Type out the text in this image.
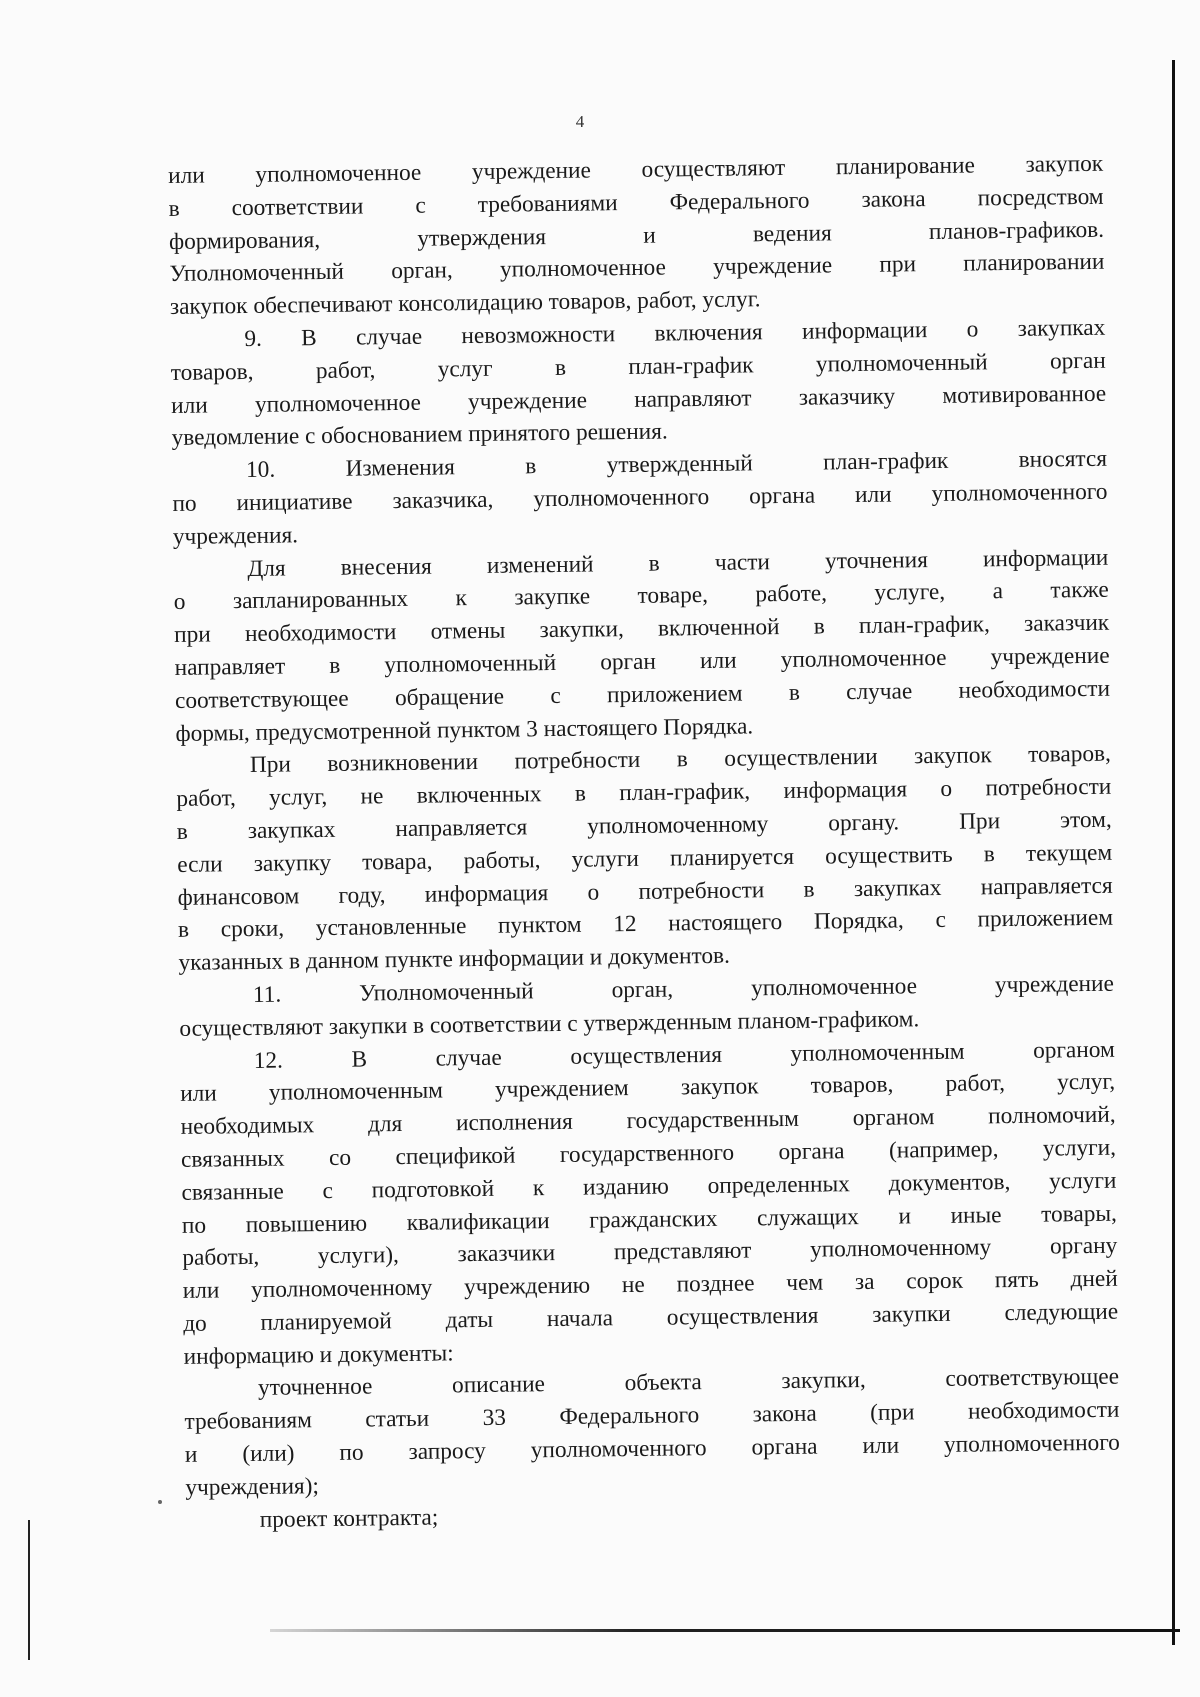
4
или уполномоченное учреждение осуществляют планирование закупок
в соответствии с требованиями Федерального закона посредством
формирования, утверждения и ведения планов-графиков.
Уполномоченный орган, уполномоченное учреждение при планировании
закупок обеспечивают консолидацию товаров, работ, услуг.
9. В случае невозможности включения информации о закупках
товаров, работ, услуг в план-график уполномоченный орган
или уполномоченное учреждение направляют заказчику мотивированное
уведомление с обоснованием принятого решения.
10. Изменения в утвержденный план-график вносятся
по инициативе заказчика, уполномоченного органа или уполномоченного
учреждения.
Для внесения изменений в части уточнения информации
о запланированных к закупке товаре, работе, услуге, а также
при необходимости отмены закупки, включенной в план-график, заказчик
направляет в уполномоченный орган или уполномоченное учреждение
соответствующее обращение с приложением в случае необходимости
формы, предусмотренной пунктом 3 настоящего Порядка.
При возникновении потребности в осуществлении закупок товаров,
работ, услуг, не включенных в план-график, информация о потребности
в закупках направляется уполномоченному органу. При этом,
если закупку товара, работы, услуги планируется осуществить в текущем
финансовом году, информация о потребности в закупках направляется
в сроки, установленные пунктом 12 настоящего Порядка, с приложением
указанных в данном пункте информации и документов.
11. Уполномоченный орган, уполномоченное учреждение
осуществляют закупки в соответствии с утвержденным планом-графиком.
12. В случае осуществления уполномоченным органом
или уполномоченным учреждением закупок товаров, работ, услуг,
необходимых для исполнения государственным органом полномочий,
связанных со спецификой государственного органа (например, услуги,
связанные с подготовкой к изданию определенных документов, услуги
по повышению квалификации гражданских служащих и иные товары,
работы, услуги), заказчики представляют уполномоченному органу
или уполномоченному учреждению не позднее чем за сорок пять дней
до планируемой даты начала осуществления закупки следующие
информацию и документы:
уточненное описание объекта закупки, соответствующее
требованиям статьи 33 Федерального закона (при необходимости
и (или) по запросу уполномоченного органа или уполномоченного
учреждения);
проект контракта;
